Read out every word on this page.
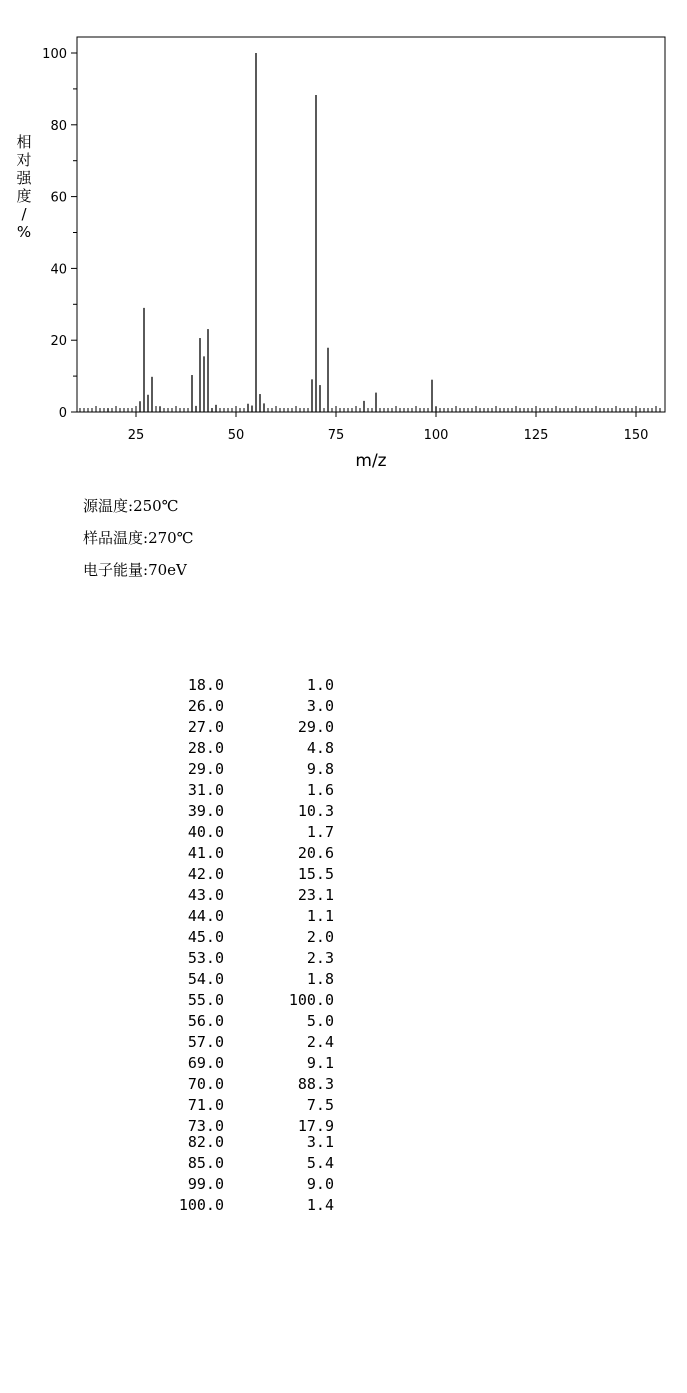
25	50	75	100	125	150
0
20
40
60
80
100
m/z
相对强度/ %
源温度:250℃
样品温度:270℃
电子能量:70eV
18.0	1.0
26.0	3.0
27.0	29.0
28.0	4.8
29.0	9.8
31.0	1.6
39.0	10.3
40.0	1.7
41.0	20.6
42.0	15.5
43.0	23.1
44.0	1.1
45.0	2.0
53.0	2.3
54.0	1.8
55.0	100.0
56.0	5.0
57.0	2.4
69.0	9.1
70.0	88.3
71.0	7.5
73.0	17.9
82.0	3.1
85.0	5.4
99.0	9.0
100.0	1.4
